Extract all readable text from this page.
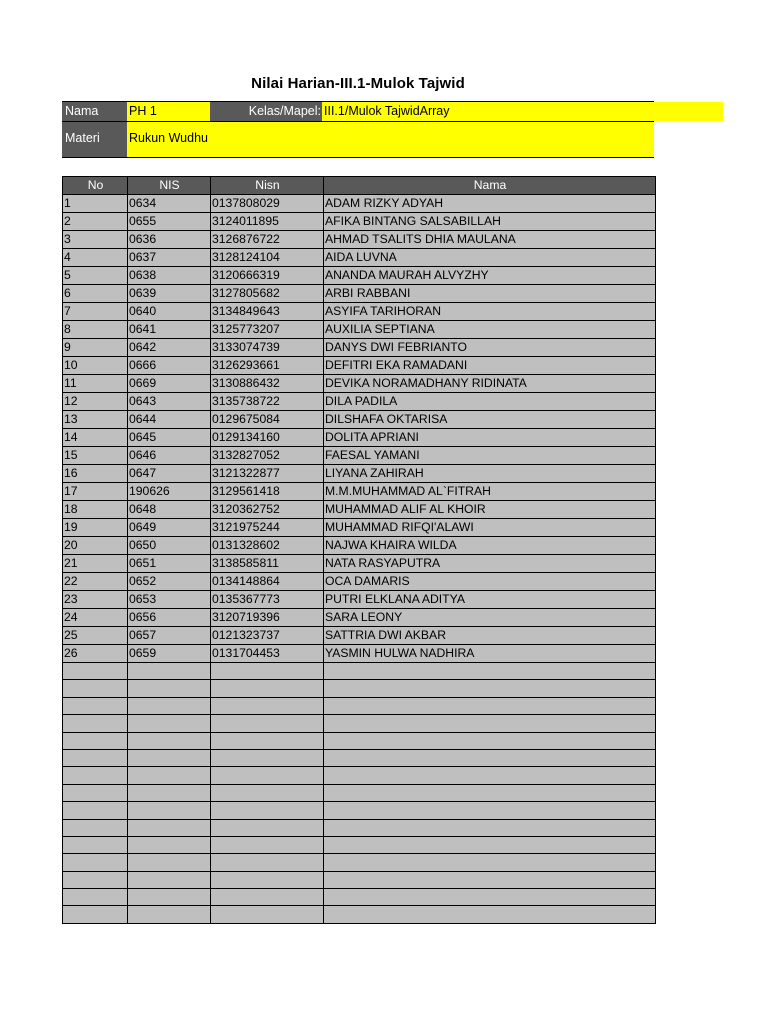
Nilai Harian-III.1-Mulok Tajwid
Nama	PH 1	Kelas/Mapel: III.1/Mulok TajwidArray
Materi	Rukun Wudhu
No	NIS	Nisn	Nama
1	0634	0137808029	ADAM RIZKY ADYAH
2	0655	3124011895	AFIKA BINTANG SALSABILLAH
3	0636	3126876722	AHMAD TSALITS DHIA MAULANA
4	0637	3128124104	AIDA LUVNA
5	0638	3120666319	ANANDA MAURAH ALVYZHY
6	0639	3127805682	ARBI RABBANI
7	0640	3134849643	ASYIFA TARIHORAN
8	0641	3125773207	AUXILIA SEPTIANA
9	0642	3133074739	DANYS DWI FEBRIANTO
10	0666	3126293661	DEFITRI EKA RAMADANI
11	0669	3130886432	DEVIKA NORAMADHANY RIDINATA
12	0643	3135738722	DILA PADILA
13	0644	0129675084	DILSHAFA OKTARISA
14	0645	0129134160	DOLITA APRIANI
15	0646	3132827052	FAESAL YAMANI
16	0647	3121322877	LIYANA ZAHIRAH
17	190626	3129561418	M.M.MUHAMMAD AL`FITRAH
18	0648	3120362752	MUHAMMAD ALIF AL KHOIR
19	0649	3121975244	MUHAMMAD RIFQI'ALAWI
20	0650	0131328602	NAJWA KHAIRA WILDA
21	0651	3138585811	NATA RASYAPUTRA
22	0652	0134148864	OCA DAMARIS
23	0653	0135367773	PUTRI ELKLANA ADITYA
24	0656	3120719396	SARA LEONY
25	0657	0121323737	SATTRIA DWI AKBAR
26	0659	0131704453	YASMIN HULWA NADHIRA
